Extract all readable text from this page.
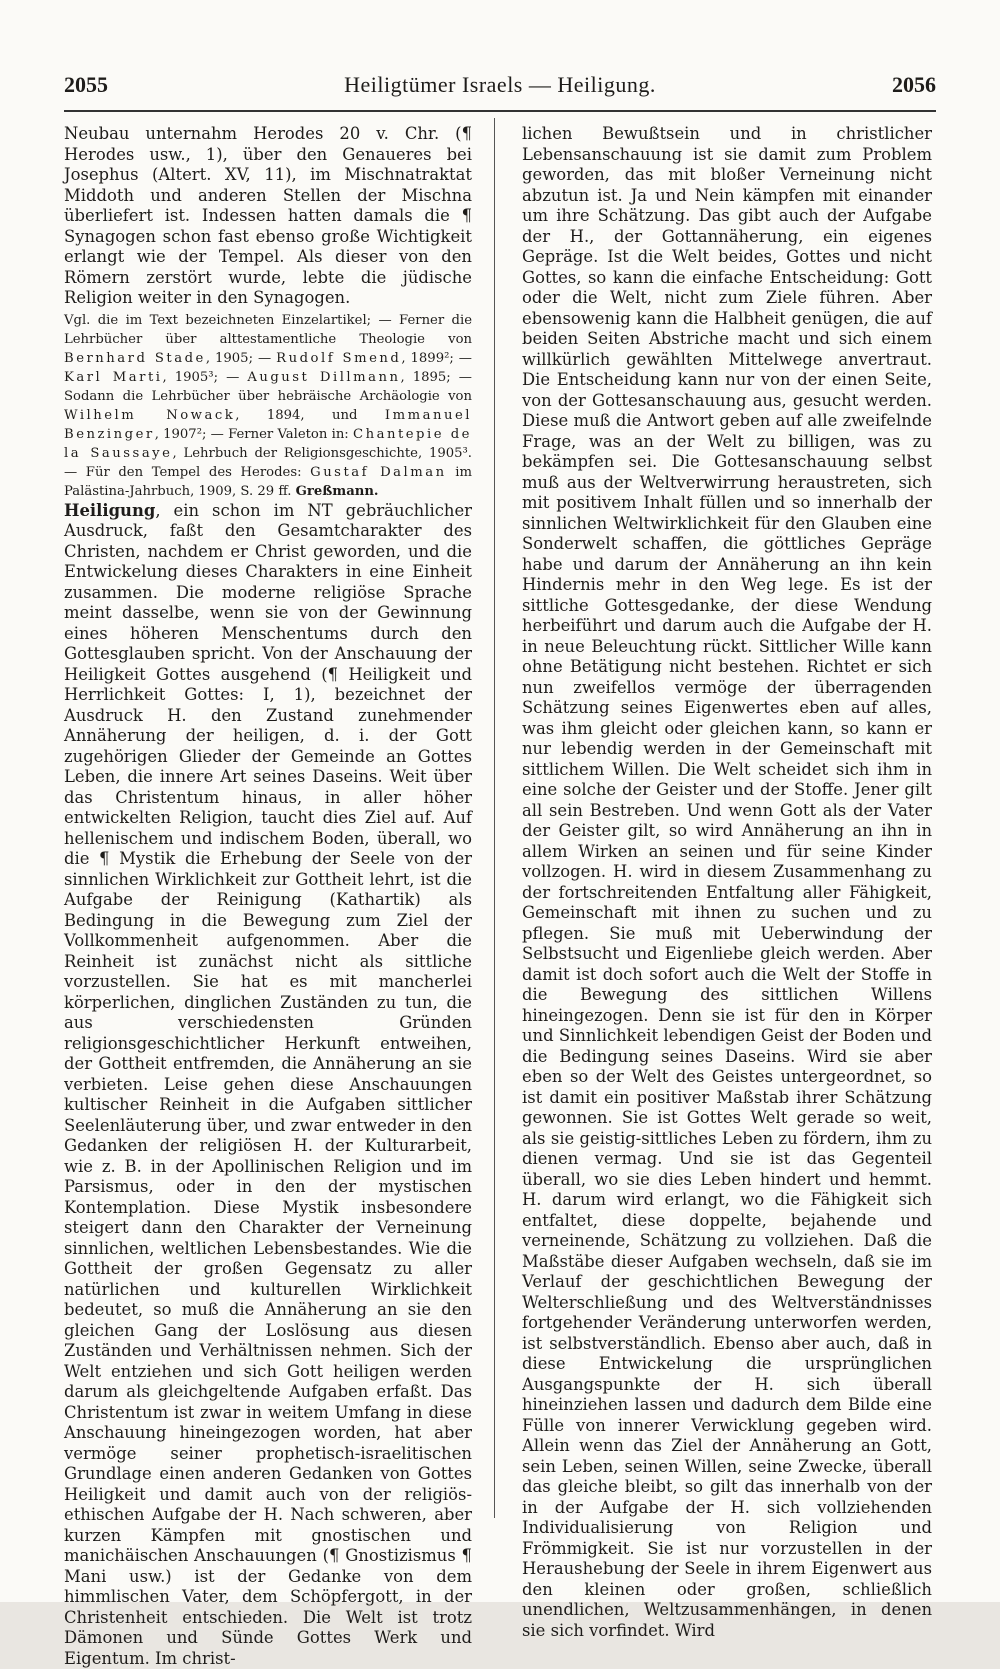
2055	Heiligtümer Israels — Heiligung.	2056

Neubau unternahm Herodes 20 v. Chr. (¶ Herodes usw., 1), über den Genaueres bei Josephus (Altert. XV, 11), im Mischnatraktat Middoth und anderen Stellen der Mischna überliefert ist. Indessen hatten damals die ¶ Synagogen schon fast ebenso große Wichtigkeit erlangt wie der Tempel. Als dieser von den Römern zerstört wurde, lebte die jüdische Religion weiter in den Synagogen.

Vgl. die im Text bezeichneten Einzelartikel; — Ferner die Lehrbücher über alttestamentliche Theologie von Bernhard Stade, 1905; — Rudolf Smend, 1899²; — Karl Marti, 1905³; — August Dillmann, 1895; — Sodann die Lehrbücher über hebräische Archäologie von Wilhelm Nowack, 1894, und Immanuel Benzinger, 1907²; — Ferner Valeton in: Chantepie de la Saussaye, Lehrbuch der Religionsgeschichte, 1905³. — Für den Tempel des Herodes: Gustaf Dalman im Palästina-Jahrbuch, 1909, S. 29 ff. Greßmann.

Heiligung, ein schon im NT gebräuchlicher Ausdruck, faßt den Gesamtcharakter des Christen, nachdem er Christ geworden, und die Entwickelung dieses Charakters in eine Einheit zusammen. Die moderne religiöse Sprache meint dasselbe, wenn sie von der Gewinnung eines höheren Menschentums durch den Gottesglauben spricht. Von der Anschauung der Heiligkeit Gottes ausgehend (¶ Heiligkeit und Herrlichkeit Gottes: I, 1), bezeichnet der Ausdruck H. den Zustand zunehmender Annäherung der heiligen, d. i. der Gott zugehörigen Glieder der Gemeinde an Gottes Leben, die innere Art seines Daseins. Weit über das Christentum hinaus, in aller höher entwickelten Religion, taucht dies Ziel auf. Auf hellenischem und indischem Boden, überall, wo die ¶ Mystik die Erhebung der Seele von der sinnlichen Wirklichkeit zur Gottheit lehrt, ist die Aufgabe der Reinigung (Kathartik) als Bedingung in die Bewegung zum Ziel der Vollkommenheit aufgenommen. Aber die Reinheit ist zunächst nicht als sittliche vorzustellen. Sie hat es mit mancherlei körperlichen, dinglichen Zuständen zu tun, die aus verschiedensten Gründen religionsgeschichtlicher Herkunft entweihen, der Gottheit entfremden, die Annäherung an sie verbieten. Leise gehen diese Anschauungen kultischer Reinheit in die Aufgaben sittlicher Seelenläuterung über, und zwar entweder in den Gedanken der religiösen H. der Kulturarbeit, wie z. B. in der Apollinischen Religion und im Parsismus, oder in den der mystischen Kontemplation. Diese Mystik insbesondere steigert dann den Charakter der Verneinung sinnlichen, weltlichen Lebensbestandes. Wie die Gottheit der großen Gegensatz zu aller natürlichen und kulturellen Wirklichkeit bedeutet, so muß die Annäherung an sie den gleichen Gang der Loslösung aus diesen Zuständen und Verhältnissen nehmen. Sich der Welt entziehen und sich Gott heiligen werden darum als gleichgeltende Aufgaben erfaßt. Das Christentum ist zwar in weitem Umfang in diese Anschauung hineingezogen worden, hat aber vermöge seiner prophetisch-israelitischen Grundlage einen anderen Gedanken von Gottes Heiligkeit und damit auch von der religiös-ethischen Aufgabe der H. Nach schweren, aber kurzen Kämpfen mit gnostischen und manichäischen Anschauungen (¶ Gnostizismus ¶ Mani usw.) ist der Gedanke von dem himmlischen Vater, dem Schöpfergott, in der Christenheit entschieden. Die Welt ist trotz Dämonen und Sünde Gottes Werk und Eigentum. Im christ-

lichen Bewußtsein und in christlicher Lebensanschauung ist sie damit zum Problem geworden, das mit bloßer Verneinung nicht abzutun ist. Ja und Nein kämpfen mit einander um ihre Schätzung. Das gibt auch der Aufgabe der H., der Gottannäherung, ein eigenes Gepräge. Ist die Welt beides, Gottes und nicht Gottes, so kann die einfache Entscheidung: Gott oder die Welt, nicht zum Ziele führen. Aber ebensowenig kann die Halbheit genügen, die auf beiden Seiten Abstriche macht und sich einem willkürlich gewählten Mittelwege anvertraut. Die Entscheidung kann nur von der einen Seite, von der Gottesanschauung aus, gesucht werden. Diese muß die Antwort geben auf alle zweifelnde Frage, was an der Welt zu billigen, was zu bekämpfen sei. Die Gottesanschauung selbst muß aus der Weltverwirrung heraustreten, sich mit positivem Inhalt füllen und so innerhalb der sinnlichen Weltwirklichkeit für den Glauben eine Sonderwelt schaffen, die göttliches Gepräge habe und darum der Annäherung an ihn kein Hindernis mehr in den Weg lege. Es ist der sittliche Gottesgedanke, der diese Wendung herbeiführt und darum auch die Aufgabe der H. in neue Beleuchtung rückt. Sittlicher Wille kann ohne Betätigung nicht bestehen. Richtet er sich nun zweifellos vermöge der überragenden Schätzung seines Eigenwertes eben auf alles, was ihm gleicht oder gleichen kann, so kann er nur lebendig werden in der Gemeinschaft mit sittlichem Willen. Die Welt scheidet sich ihm in eine solche der Geister und der Stoffe. Jener gilt all sein Bestreben. Und wenn Gott als der Vater der Geister gilt, so wird Annäherung an ihn in allem Wirken an seinen und für seine Kinder vollzogen. H. wird in diesem Zusammenhang zu der fortschreitenden Entfaltung aller Fähigkeit, Gemeinschaft mit ihnen zu suchen und zu pflegen. Sie muß mit Ueberwindung der Selbstsucht und Eigenliebe gleich werden. Aber damit ist doch sofort auch die Welt der Stoffe in die Bewegung des sittlichen Willens hineingezogen. Denn sie ist für den in Körper und Sinnlichkeit lebendigen Geist der Boden und die Bedingung seines Daseins. Wird sie aber eben so der Welt des Geistes untergeordnet, so ist damit ein positiver Maßstab ihrer Schätzung gewonnen. Sie ist Gottes Welt gerade so weit, als sie geistig-sittliches Leben zu fördern, ihm zu dienen vermag. Und sie ist das Gegenteil überall, wo sie dies Leben hindert und hemmt. H. darum wird erlangt, wo die Fähigkeit sich entfaltet, diese doppelte, bejahende und verneinende, Schätzung zu vollziehen. Daß die Maßstäbe dieser Aufgaben wechseln, daß sie im Verlauf der geschichtlichen Bewegung der Welterschließung und des Weltverständnisses fortgehender Veränderung unterworfen werden, ist selbstverständlich. Ebenso aber auch, daß in diese Entwickelung die ursprünglichen Ausgangspunkte der H. sich überall hineinziehen lassen und dadurch dem Bilde eine Fülle von innerer Verwicklung gegeben wird. Allein wenn das Ziel der Annäherung an Gott, sein Leben, seinen Willen, seine Zwecke, überall das gleiche bleibt, so gilt das innerhalb von der in der Aufgabe der H. sich vollziehenden Individualisierung von Religion und Frömmigkeit. Sie ist nur vorzustellen in der Heraushebung der Seele in ihrem Eigenwert aus den kleinen oder großen, schließlich unendlichen, Weltzusammenhängen, in denen sie sich vorfindet. Wird
